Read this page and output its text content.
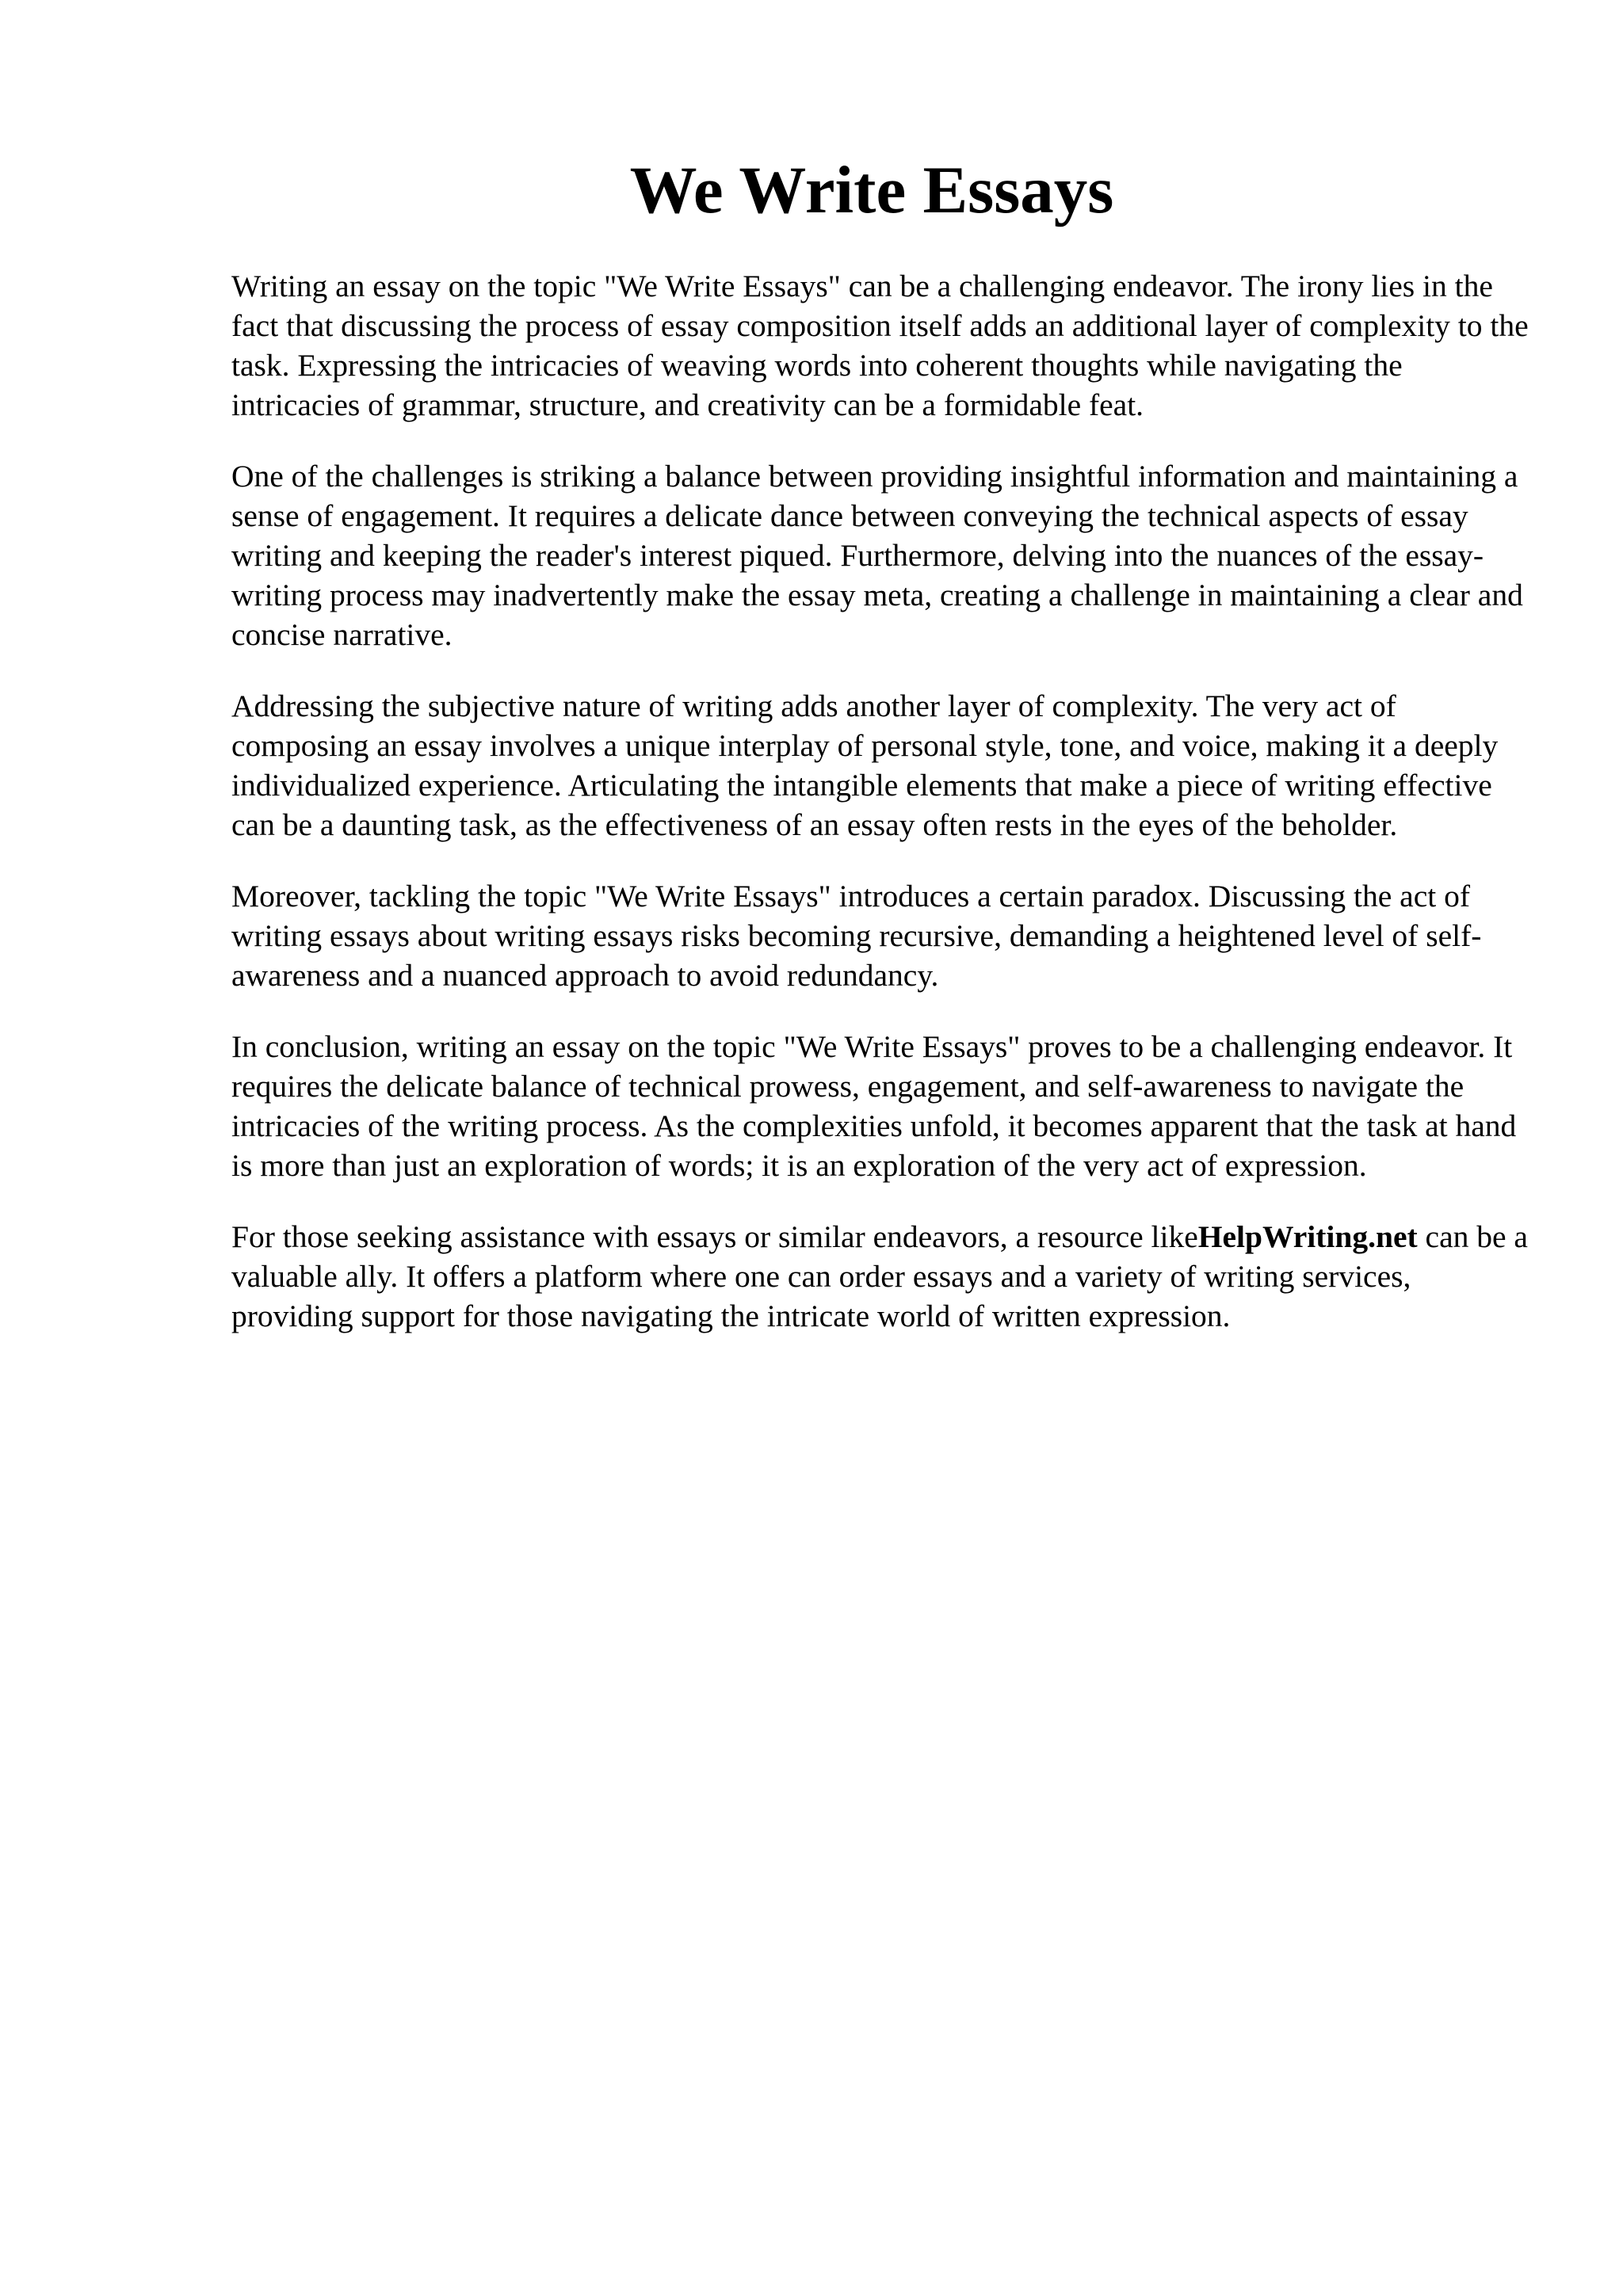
We Write Essays

Writing an essay on the topic "We Write Essays" can be a challenging endeavor. The irony lies in the fact that discussing the process of essay composition itself adds an additional layer of complexity to the task. Expressing the intricacies of weaving words into coherent thoughts while navigating the intricacies of grammar, structure, and creativity can be a formidable feat.

One of the challenges is striking a balance between providing insightful information and maintaining a sense of engagement. It requires a delicate dance between conveying the technical aspects of essay writing and keeping the reader's interest piqued. Furthermore, delving into the nuances of the essay-writing process may inadvertently make the essay meta, creating a challenge in maintaining a clear and concise narrative.

Addressing the subjective nature of writing adds another layer of complexity. The very act of composing an essay involves a unique interplay of personal style, tone, and voice, making it a deeply individualized experience. Articulating the intangible elements that make a piece of writing effective can be a daunting task, as the effectiveness of an essay often rests in the eyes of the beholder.

Moreover, tackling the topic "We Write Essays" introduces a certain paradox. Discussing the act of writing essays about writing essays risks becoming recursive, demanding a heightened level of self-awareness and a nuanced approach to avoid redundancy.

In conclusion, writing an essay on the topic "We Write Essays" proves to be a challenging endeavor. It requires the delicate balance of technical prowess, engagement, and self-awareness to navigate the intricacies of the writing process. As the complexities unfold, it becomes apparent that the task at hand is more than just an exploration of words; it is an exploration of the very act of expression.

For those seeking assistance with essays or similar endeavors, a resource likeHelpWriting.net can be a valuable ally. It offers a platform where one can order essays and a variety of writing services, providing support for those navigating the intricate world of written expression.
